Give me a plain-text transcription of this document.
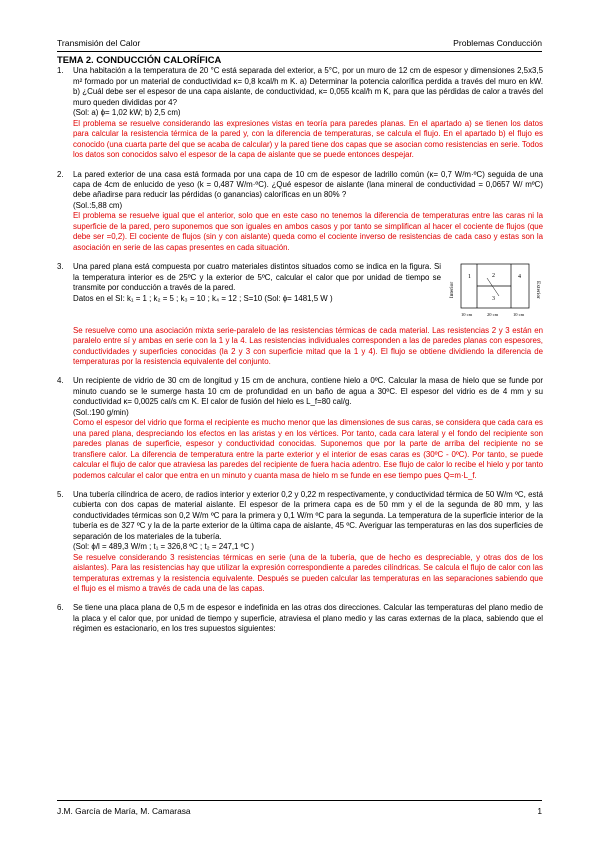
Transmisión del Calor	Problemas Conducción
TEMA 2. CONDUCCIÓN CALORÍFICA
1.	Una habitación a la temperatura de 20 °C está separada del exterior, a 5°C, por un muro de 12 cm de espesor y dimensiones 2,5x3,5 m² formado por un material de conductividad κ= 0,8 kcal/h m K. a) Determinar la potencia calorífica perdida a través del muro en kW. b) ¿Cuál debe ser el espesor de una capa aislante, de conductividad, κ= 0,055 kcal/h m K, para que las pérdidas de calor a través del muro queden divididas por 4?

(Sol: a) ϕ= 1,02 kW; b) 2,5 cm)

El problema se resuelve considerando las expresiones vistas en teoría para paredes planas. En el apartado a) se tienen los datos para calcular la resistencia térmica de la pared y, con la diferencia de temperaturas, se calcula el flujo. En el apartado b) el flujo es conocido (una cuarta parte del que se acaba de calcular) y la pared tiene dos capas que se asocian como resistencias en serie. Todos los datos son conocidos salvo el espesor de la capa de aislante que se puede entonces despejar.

2.	La pared exterior de una casa está formada por una capa de 10 cm de espesor de ladrillo común (κ= 0,7 W/m·ºC) seguida de una capa de 4cm de enlucido de yeso (k = 0,487 W/m·ºC). ¿Qué espesor de aislante (lana mineral de conductividad = 0,0657 W/ mºC) debe añadirse para reducir las pérdidas (o ganancias) caloríficas en un 80% ?

(Sol.:5,88 cm)

El problema se resuelve igual que el anterior, solo que en este caso no tenemos la diferencia de temperaturas entre las caras ni la superficie de la pared, pero suponemos que son iguales en ambos casos y por tanto se simplifican al hacer el cociente de flujos (que debe ser =0,2). El cociente de flujos (sin y con aislante) queda como el cociente inverso de resistencias de cada caso y estas son la asociación en serie de las capas presentes en cada situación.

3.	Una pared plana está compuesta por cuatro materiales distintos situados como se indica en la figura. Si la temperatura interior es de 25ºC y la exterior de 5ºC, calcular el calor que por unidad de tiempo se transmite por conducción a través de la pared.

Datos en el SI: k₁ = 1 ; k₂ = 5 ; k₃ = 10 ; k₄ = 12 ; S=10 (Sol: ϕ= 1481,5 W )	Interior	Exterior
1	2
3
4
10 cm	20 cm	10 cm

Se resuelve como una asociación mixta serie-paralelo de las resistencias térmicas de cada material. Las resistencias 2 y 3 están en paralelo entre sí y ambas en serie con la 1 y la 4. Las resistencias individuales corresponden a las de paredes planas con espesores, conductividades y superficies conocidas (la 2 y 3 con superficie mitad que la 1 y 4). El flujo se obtiene dividiendo la diferencia de temperaturas por la resistencia equivalente del conjunto.

4.	Un recipiente de vidrio de 30 cm de longitud y 15 cm de anchura, contiene hielo a 0ºC. Calcular la masa de hielo que se funde por minuto cuando se le sumerge hasta 10 cm de profundidad en un baño de agua a 30ºC. El espesor del vidrio es de 4 mm y su conductividad κ= 0,0025 cal/s cm K. El calor de fusión del hielo es L_f=80 cal/g.

(Sol.:190 g/min)

Como el espesor del vidrio que forma el recipiente es mucho menor que las dimensiones de sus caras, se considera que cada cara es una pared plana, despreciando los efectos en las aristas y en los vértices. Por tanto, cada cara lateral y el fondo del recipiente son paredes planas de superficie, espesor y conductividad conocidas. Suponemos que por la parte de arriba del recipiente no se transfiere calor. La diferencia de temperatura entre la parte exterior y el interior de esas caras es (30ºC - 0ºC). Por tanto, se puede calcular el flujo de calor que atraviesa las paredes del recipiente de fuera hacia adentro. Ese flujo de calor lo recibe el hielo y por tanto podemos calcular el calor que entra en un minuto y cuanta masa de hielo m se funde en ese tiempo pues Q=m·L_f.

5.	Una tubería cilíndrica de acero, de radios interior y exterior 0,2 y 0,22 m respectivamente, y conductividad térmica de 50 W/m ºC, está cubierta con dos capas de material aislante. El espesor de la primera capa es de 50 mm y el de la segunda de 80 mm, y las conductividades térmicas son 0,2 W/m ºC para la primera y 0,1 W/m ºC para la segunda. La temperatura de la superficie interior de la tubería es de 327 ºC y la de la parte exterior de la última capa de aislante, 45 ºC. Averiguar las temperaturas en las dos superficies de separación de los materiales de la tubería.

(Sol: ϕ/l = 489,3 W/m ; t₁ = 326,8 ºC ; t₂ = 247,1 ºC )

Se resuelve considerando 3 resistencias térmicas en serie (una de la tubería, que de hecho es despreciable, y otras dos de los aislantes). Para las resistencias hay que utilizar la expresión correspondiente a paredes cilíndricas. Se calcula el flujo de calor con las temperaturas extremas y la resistencia equivalente. Después se pueden calcular las temperaturas en las separaciones sabiendo que el flujo es el mismo a través de cada una de las capas.

6.	Se tiene una placa plana de 0,5 m de espesor e indefinida en las otras dos direcciones. Calcular las temperaturas del plano medio de la placa y el calor que, por unidad de tiempo y superficie, atraviesa el plano medio y las caras externas de la placa, sabiendo que el régimen es estacionario, en los tres supuestos siguientes:

J.M. García de María, M. Camarasa	1
